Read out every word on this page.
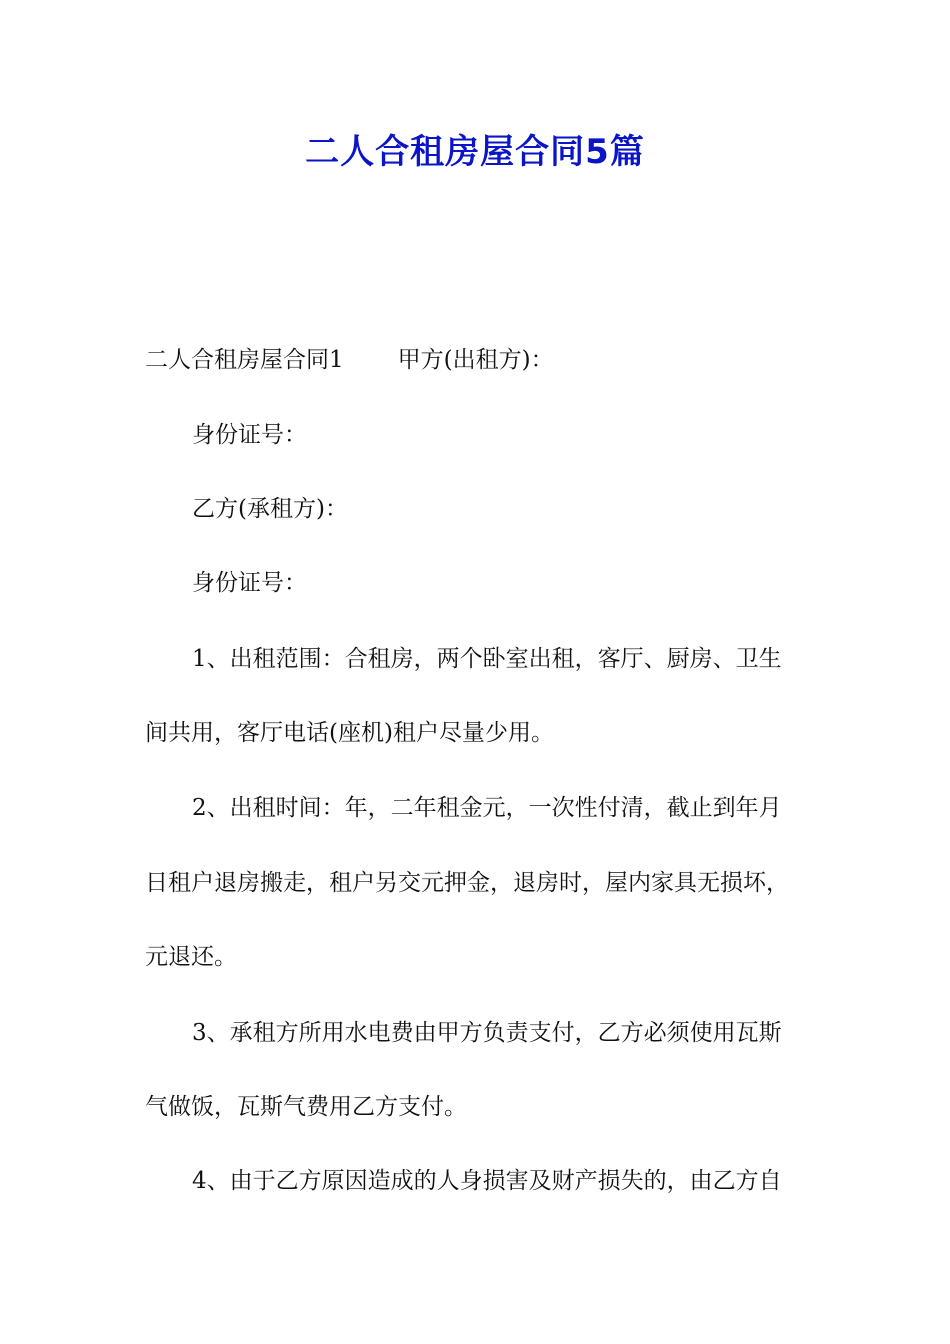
二人合租房屋合同5篇
二人合租房屋合同1 甲方(出租方)：
身份证号：
乙方(承租方)：
身份证号：
1、出租范围：合租房，两个卧室出租，客厅、厨房、卫生
间共用，客厅电话(座机)租户尽量少用。
2、出租时间：年，二年租金元，一次性付清，截止到年月
日租户退房搬走，租户另交元押金，退房时，屋内家具无损坏，
元退还。
3、承租方所用水电费由甲方负责支付，乙方必须使用瓦斯
气做饭，瓦斯气费用乙方支付。
4、由于乙方原因造成的人身损害及财产损失的，由乙方自
